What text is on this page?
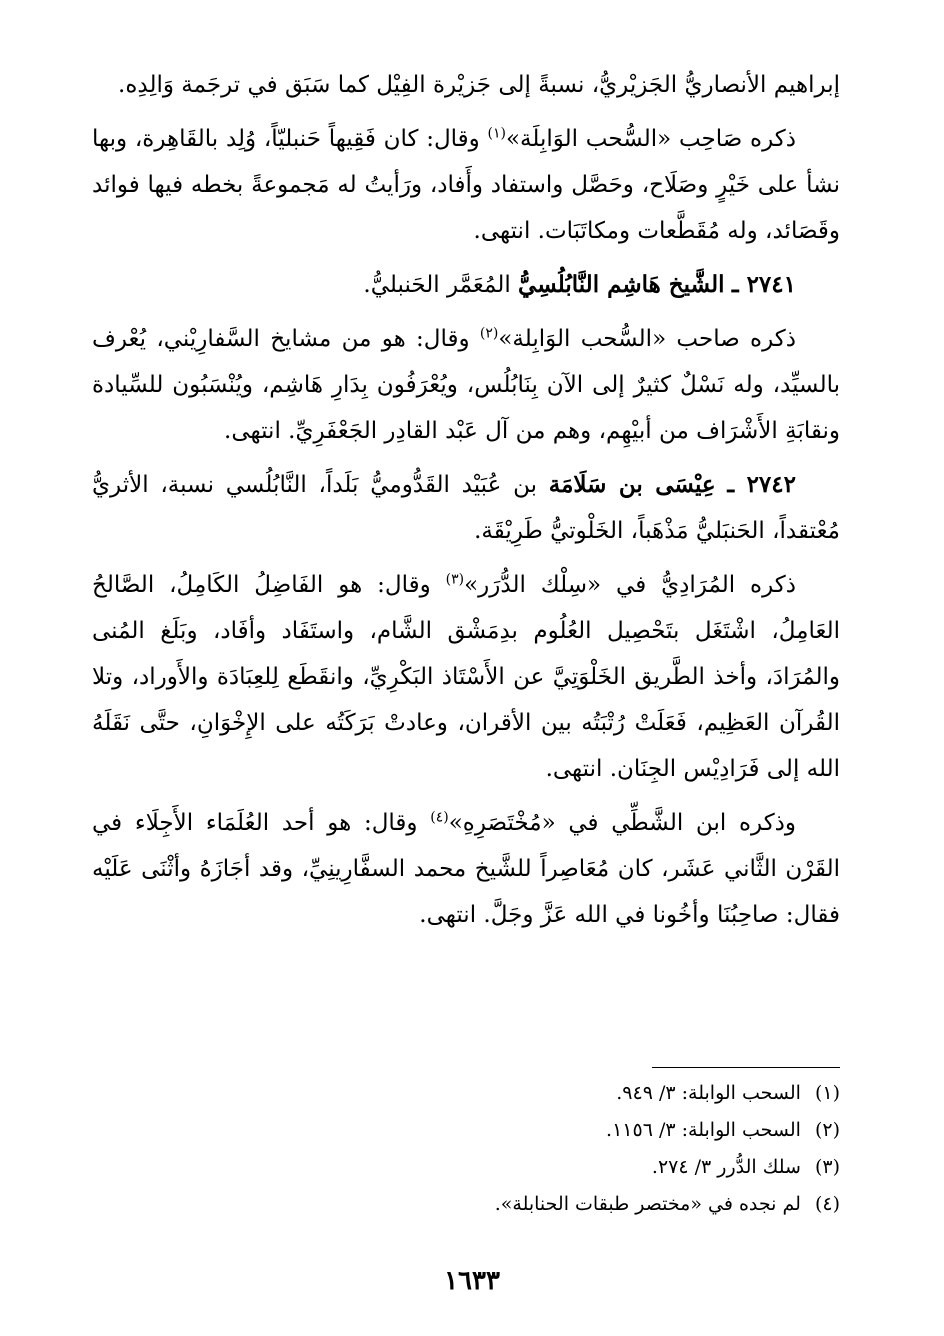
إبراهيم الأنصاريُّ الجَزيْريُّ، نسبةً إلى جَزيْرة الفِيْل كما سَبَق في ترجَمة وَالِدِه.

ذكره صَاحِب «السُّحب الوَابِلَة»$^{(١)}$ وقال: كان فَقِيهاً حَنبليّاً، وُلِد بالقَاهِرة، وبها نشأ على خَيْرٍ وصَلَاح، وحَصَّل واستفاد وأَفاد، ورَأيتُ له مَجموعةً بخطه فيها فوائد وقَصَائد، وله مُقَطَّعات ومكاتَبَات. انتهى.

٢٧٤١ ـ الشَّيخ هَاشِم النَّابُلُسِيُّ المُعَمَّر الحَنبليُّ.

ذكره صاحب «السُّحب الوَابِلة»$^{(٢)}$ وقال: هو من مشايخ السَّفارِيْني، يُعْرف بالسيِّد، وله نَسْلٌ كثيرٌ إلى الآن بِنَابُلُس، ويُعْرَفُون بِدَارِ هَاشِم، ويُنْسَبُون للسِّيادة ونقابَةِ الأَشْرَاف من أبيْهِم، وهم من آل عَبْد القادِر الجَعْفَرِيِّ. انتهى.

٢٧٤٢ ـ عِيْسَى بن سَلَامَة بن عُبَيْد القَدُّوميُّ بَلَداً، النَّابُلُسي نسبة، الأثريُّ مُعْتقداً، الحَنبَليُّ مَذْهَباً، الخَلْوتيُّ طَرِيْقَة.

ذكره المُرَادِيُّ في «سِلْك الدُّرَر»$^{(٣)}$ وقال: هو الفَاضِلُ الكَامِلُ، الصَّالحُ العَامِلُ، اشْتَغَل بتَحْصِيل العُلُوم بدِمَشْق الشَّام، واستَفَاد وأفَاد، وبَلَغ المُنى والمُرَادَ، وأخذ الطَّريق الخَلْوَتِيَّ عن الأَسْتَاذ البَكْرِيِّ، وانقَطَع لِلعِبَادَة والأَوراد، وتلا القُرآن العَظِيم، فَعَلَتْ رُتْبَتُه بين الأقران، وعادتْ بَرَكَتُه على الإِخْوَانِ، حتَّى نَقَلَهُ الله إلى فَرَادِيْس الجِنَان. انتهى.

وذكره ابن الشَّطِّي في «مُخْتَصَرِهِ»$^{(٤)}$ وقال: هو أحد العُلَمَاء الأَجِلَاء في القَرْن الثَّاني عَشَر، كان مُعَاصِراً للشَّيخ محمد السفَّارِينِيِّ، وقد أجَازَهُ وأثْنَى عَلَيْه فقال: صاحِبُنَا وأخُونا في الله عَزَّ وجَلَّ. انتهى.

(١)السحب الوابلة: ٣/ ٩٤٩.

(٢)السحب الوابلة: ٣/ ١١٥٦.

(٣)سلك الدُّرر ٣/ ٢٧٤.

(٤)لم نجده في «مختصر طبقات الحنابلة».

١٦٣٣
